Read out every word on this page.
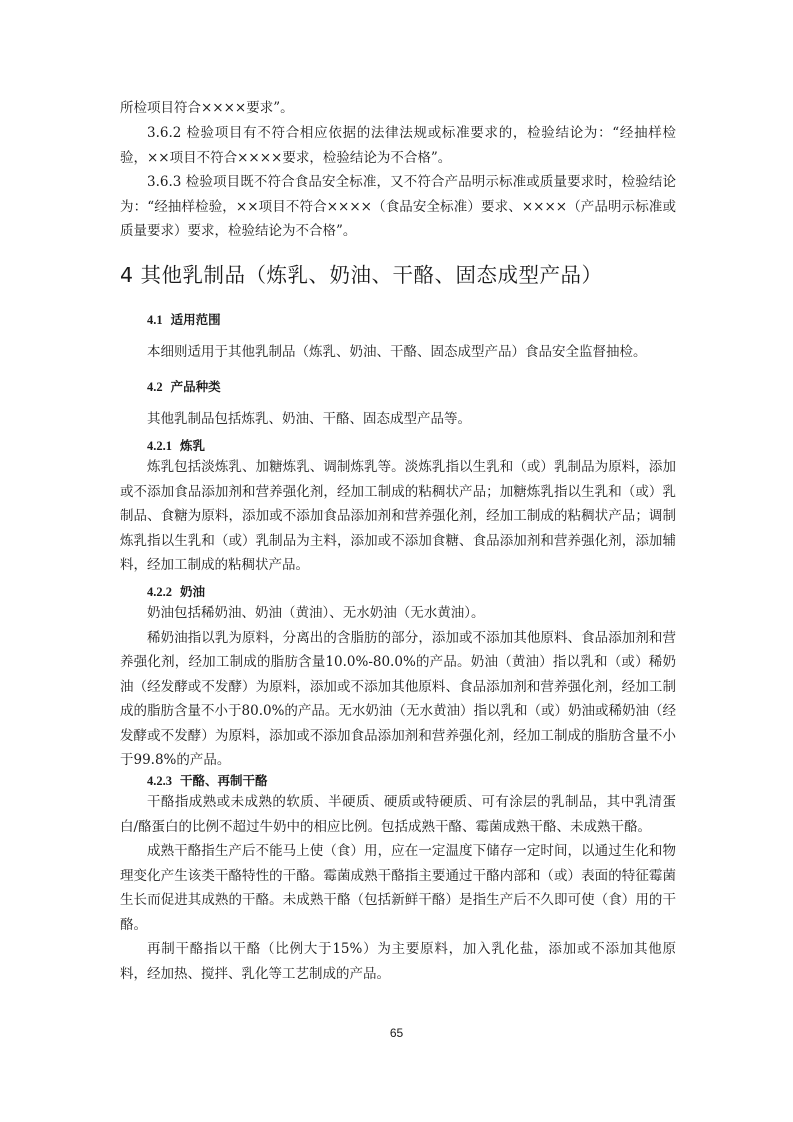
所检项目符合××××要求”。

3.6.2 检验项目有不符合相应依据的法律法规或标准要求的，检验结论为：“经抽样检验，××项目不符合××××要求，检验结论为不合格”。

3.6.3 检验项目既不符合食品安全标准，又不符合产品明示标准或质量要求时，检验结论为：“经抽样检验，××项目不符合××××（食品安全标准）要求、××××（产品明示标准或质量要求）要求，检验结论为不合格”。

4 其他乳制品（炼乳、奶油、干酪、固态成型产品）
4.1 适用范围

本细则适用于其他乳制品（炼乳、奶油、干酪、固态成型产品）食品安全监督抽检。

4.2 产品种类

其他乳制品包括炼乳、奶油、干酪、固态成型产品等。

4.2.1 炼乳

炼乳包括淡炼乳、加糖炼乳、调制炼乳等。淡炼乳指以生乳和（或）乳制品为原料，添加或不添加食品添加剂和营养强化剂，经加工制成的粘稠状产品；加糖炼乳指以生乳和（或）乳制品、食糖为原料，添加或不添加食品添加剂和营养强化剂，经加工制成的粘稠状产品；调制炼乳指以生乳和（或）乳制品为主料，添加或不添加食糖、食品添加剂和营养强化剂，添加辅料，经加工制成的粘稠状产品。

4.2.2 奶油

奶油包括稀奶油、奶油（黄油）、无水奶油（无水黄油）。

稀奶油指以乳为原料，分离出的含脂肪的部分，添加或不添加其他原料、食品添加剂和营养强化剂，经加工制成的脂肪含量10.0%-80.0%的产品。奶油（黄油）指以乳和（或）稀奶油（经发酵或不发酵）为原料，添加或不添加其他原料、食品添加剂和营养强化剂，经加工制成的脂肪含量不小于80.0%的产品。无水奶油（无水黄油）指以乳和（或）奶油或稀奶油（经发酵或不发酵）为原料，添加或不添加食品添加剂和营养强化剂，经加工制成的脂肪含量不小于99.8%的产品。

4.2.3 干酪、再制干酪

干酪指成熟或未成熟的软质、半硬质、硬质或特硬质、可有涂层的乳制品，其中乳清蛋白/酪蛋白的比例不超过牛奶中的相应比例。包括成熟干酪、霉菌成熟干酪、未成熟干酪。

成熟干酪指生产后不能马上使（食）用，应在一定温度下储存一定时间，以通过生化和物理变化产生该类干酪特性的干酪。霉菌成熟干酪指主要通过干酪内部和（或）表面的特征霉菌生长而促进其成熟的干酪。未成熟干酪（包括新鲜干酪）是指生产后不久即可使（食）用的干酪。

再制干酪指以干酪（比例大于15%）为主要原料，加入乳化盐，添加或不添加其他原料，经加热、搅拌、乳化等工艺制成的产品。

65
